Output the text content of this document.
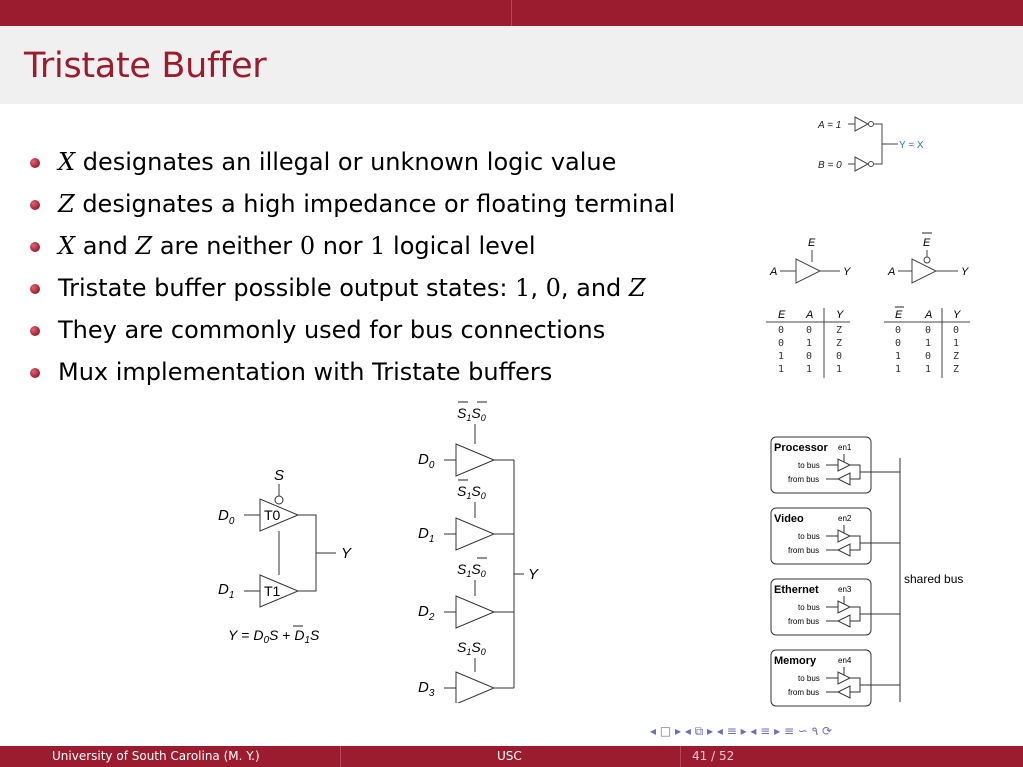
Tristate Buffer
X designates an illegal or unknown logic value
Z designates a high impedance or floating terminal
X and Z are neither 0 nor 1 logical level
Tristate buffer possible output states: 1, 0, and Z
They are commonly used for bus connections
Mux implementation with Tristate buffers
A = 1
Y = X
B = 0
E
A	Y
E
A	Y
E A Y
0 0 Z
0 1 Z
1 0 0
1 1 1
E A Y
0 0 0
0 1 1
1 0 Z
1 1 Z
S
$D_0$ T0
Y
$D_1$ T1
$Y = D_0S + D_1S$
$S_1S_0$
$D_0$
$S_1S_0$
$D_1$
$S_1S_0$
$D_2$
$S_1S_0$
$D_3$
Y	shared bus
Processor en1
to bus
from bus
Video	en2
to bus
from bus
Ethernet en3
to bus
from bus
Memory	en4
to bus
from bus
◂ □ ▸ ◂ ⧉ ▸ ◂ ≡ ▸ ◂ ≡ ▸ ≡ ∽ ۹ ⟳
University of South Carolina (M. Y.)	USC	41 / 52
